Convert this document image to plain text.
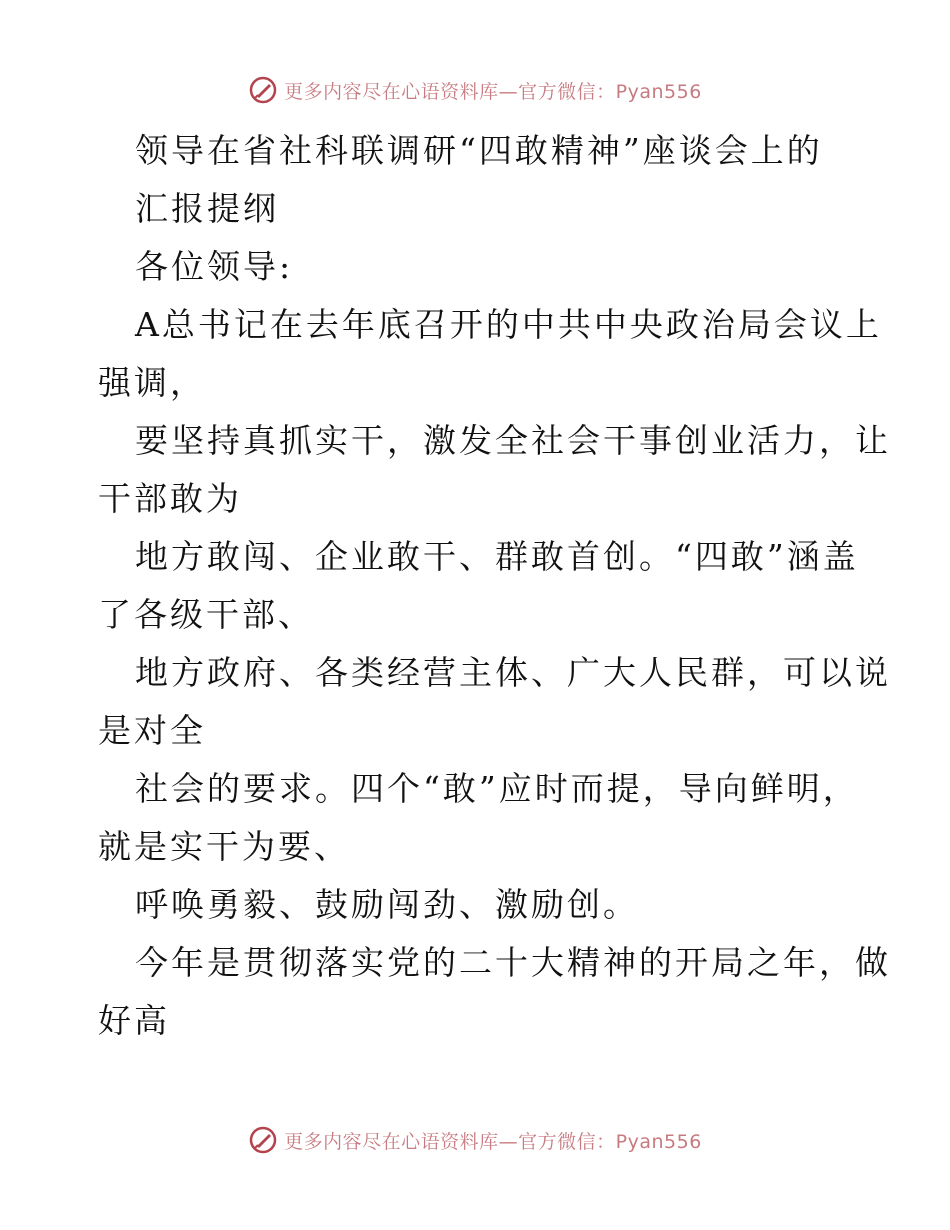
更多内容尽在心语资料库—官方微信：Pyan556
领导在省社科联调研“四敢精神”座谈会上的
汇报提纲
各位领导:
A总书记在去年底召开的中共中央政治局会议上
强调，
要坚持真抓实干，激发全社会干事创业活力，让
干部敢为
地方敢闯、企业敢干、群敢首创。“四敢”涵盖
了各级干部、
地方政府、各类经营主体、广大人民群，可以说
是对全
社会的要求。四个“敢”应时而提，导向鲜明，
就是实干为要、
呼唤勇毅、鼓励闯劲、激励创。
今年是贯彻落实党的二十大精神的开局之年，做
好高
更多内容尽在心语资料库—官方微信：Pyan556
